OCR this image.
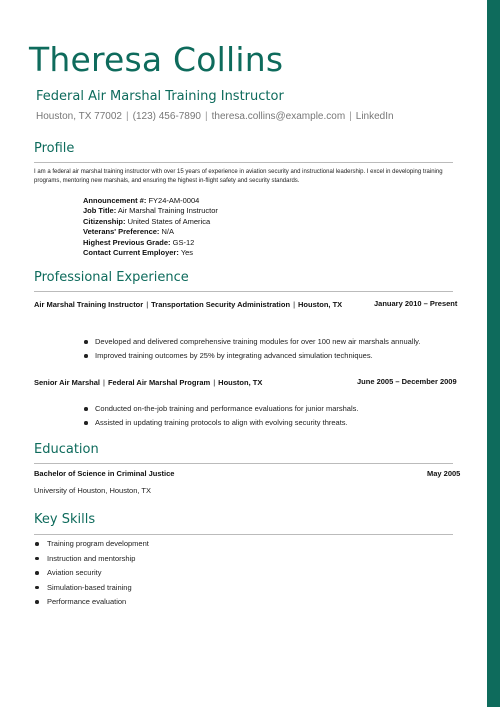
Theresa Collins
Federal Air Marshal Training Instructor
Houston, TX 77002 | (123) 456-7890 | theresa.collins@example.com | LinkedIn
Profile
I am a federal air marshal training instructor with over 15 years of experience in aviation security and instructional leadership. I excel in developing training programs, mentoring new marshals, and ensuring the highest in-flight safety and security standards.
Announcement #: FY24-AM-0004
Job Title: Air Marshal Training Instructor
Citizenship: United States of America
Veterans' Preference: N/A
Highest Previous Grade: GS-12
Contact Current Employer: Yes
Professional Experience
Air Marshal Training Instructor | Transportation Security Administration | Houston, TX	January 2010 – Present
Developed and delivered comprehensive training modules for over 100 new air marshals annually.
Improved training outcomes by 25% by integrating advanced simulation techniques.
Senior Air Marshal | Federal Air Marshal Program | Houston, TX	June 2005 – December 2009
Conducted on-the-job training and performance evaluations for junior marshals.
Assisted in updating training protocols to align with evolving security threats.
Education
Bachelor of Science in Criminal Justice	May 2005
University of Houston, Houston, TX
Key Skills
Training program development
Instruction and mentorship
Aviation security
Simulation-based training
Performance evaluation
